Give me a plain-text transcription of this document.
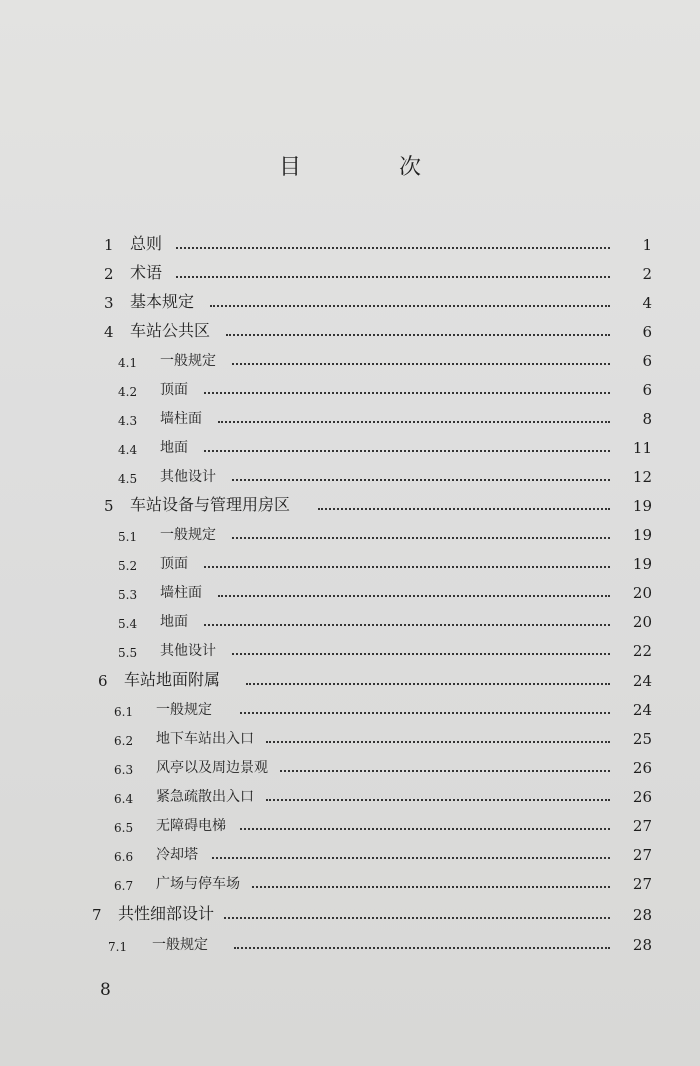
目　次
1 总则	1
2 术语	2
3 基本规定	4
4 车站公共区	6
4.1 一般规定	6
4.2 顶面	6
4.3 墙柱面	8
4.4 地面	11
4.5 其他设计	12
5 车站设备与管理用房区	19
5.1 一般规定	19
5.2 顶面	19
5.3 墙柱面	20
5.4 地面	20
5.5 其他设计	22
6 车站地面附属	24
6.1 一般规定	24
6.2 地下车站出入口	25
6.3 风亭以及周边景观	26
6.4 紧急疏散出入口	26
6.5 无障碍电梯	27
6.6 冷却塔	27
6.7 广场与停车场	27
7 共性细部设计	28
7.1 一般规定	28
8
